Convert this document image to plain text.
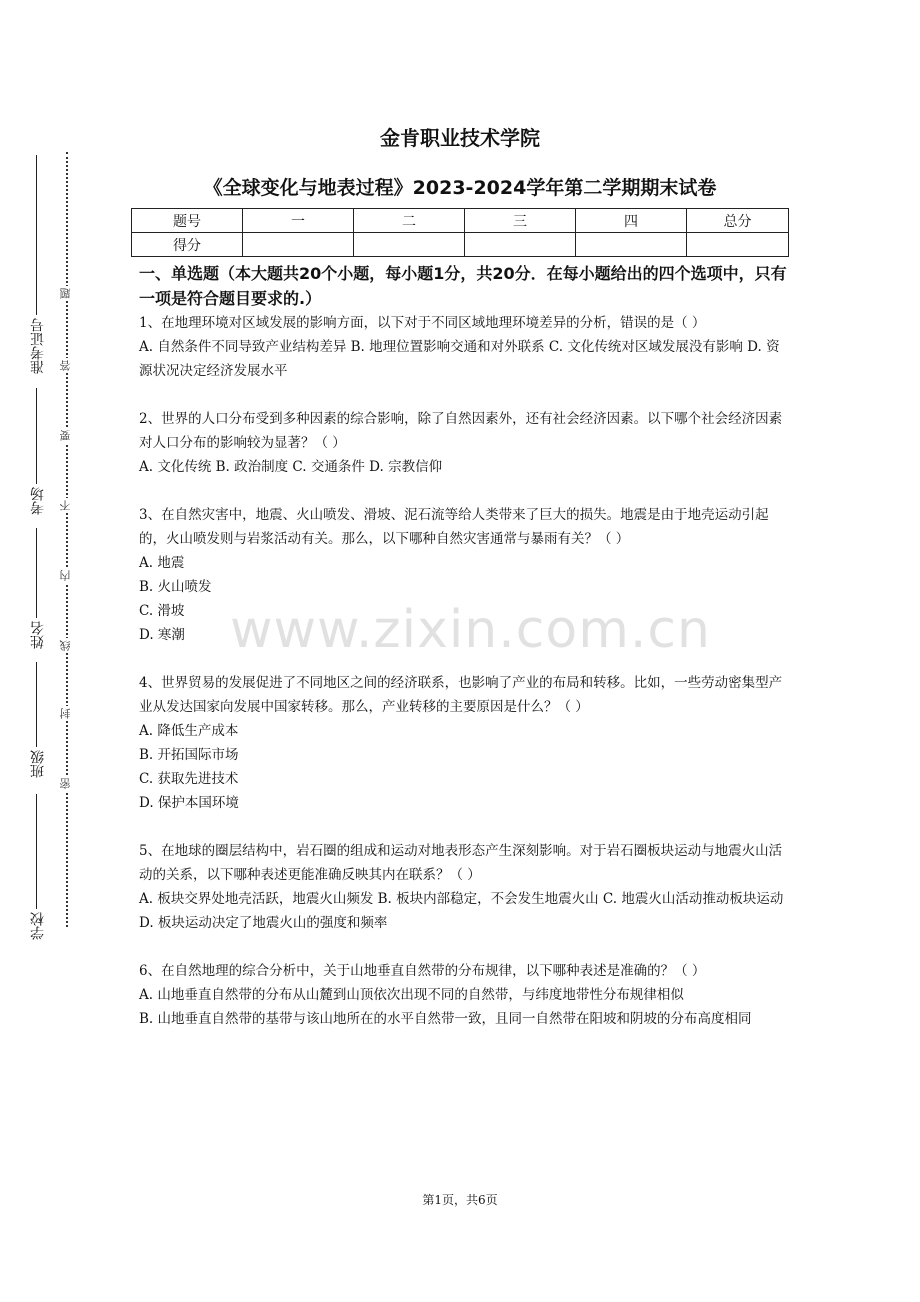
准考证号
考场
姓名
班级
学校
题
答
要
不
内
线
封
密
金肯职业技术学院
《全球变化与地表过程》2023-2024学年第二学期期末试卷
题号	一	二	三	四	总分
得分					
一、单选题（本大题共20个小题，每小题1分，共20分．在每小题给出的四个选项中，只有一项是符合题目要求的.）

1、在地理环境对区域发展的影响方面，以下对于不同区域地理环境差异的分析，错误的是（ ）

A. 自然条件不同导致产业结构差异 B. 地理位置影响交通和对外联系 C. 文化传统对区域发展没有影响 D. 资源状况决定经济发展水平

2、世界的人口分布受到多种因素的综合影响，除了自然因素外，还有社会经济因素。以下哪个社会经济因素对人口分布的影响较为显著？（ ）

A. 文化传统 B. 政治制度 C. 交通条件 D. 宗教信仰

3、在自然灾害中，地震、火山喷发、滑坡、泥石流等给人类带来了巨大的损失。地震是由于地壳运动引起的，火山喷发则与岩浆活动有关。那么，以下哪种自然灾害通常与暴雨有关？（ ）

A. 地震

B. 火山喷发

C. 滑坡

D. 寒潮

4、世界贸易的发展促进了不同地区之间的经济联系，也影响了产业的布局和转移。比如，一些劳动密集型产业从发达国家向发展中国家转移。那么，产业转移的主要原因是什么？（ ）

A. 降低生产成本

B. 开拓国际市场

C. 获取先进技术

D. 保护本国环境

5、在地球的圈层结构中，岩石圈的组成和运动对地表形态产生深刻影响。对于岩石圈板块运动与地震火山活动的关系，以下哪种表述更能准确反映其内在联系？（ ）

A. 板块交界处地壳活跃，地震火山频发 B. 板块内部稳定，不会发生地震火山 C. 地震火山活动推动板块运动 D. 板块运动决定了地震火山的强度和频率

6、在自然地理的综合分析中，关于山地垂直自然带的分布规律，以下哪种表述是准确的？（ ）

A. 山地垂直自然带的分布从山麓到山顶依次出现不同的自然带，与纬度地带性分布规律相似

B. 山地垂直自然带的基带与该山地所在的水平自然带一致，且同一自然带在阳坡和阴坡的分布高度相同

www.zixin.com.cn
第1页，共6页
